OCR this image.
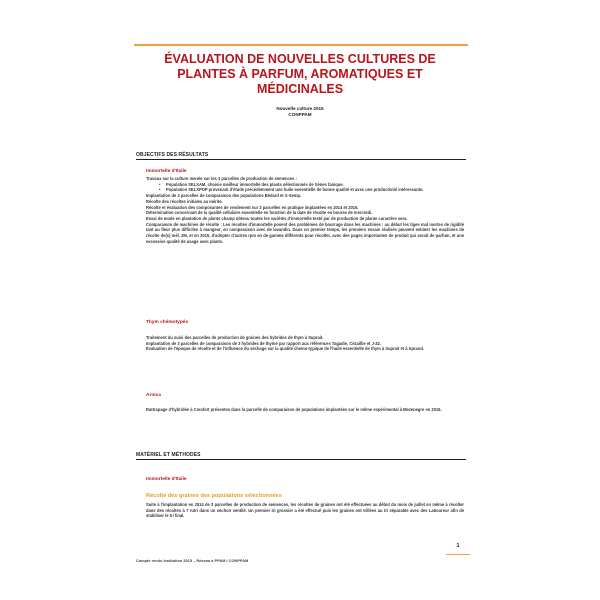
ÉVALUATION DE NOUVELLES CULTURES DE PLANTES À PARFUM, AROMATIQUES ET MÉDICINALES
Nouvelle culture 2015
CONPPAM
OBJECTIFS DES RÉSULTATS
Immortelle d'Italie

Travaux sur la culture menée sur les 3 parcelles de production de semences :

• Population SELXAM, choisie meilleur immortelle des plants sélectionnés de Xénes fanique.

• Population SELXPOP provenant d'étude précédemment une huile essentielle de bonne qualité et avec une productivité intéressante.

Implantation de 3 parcelles de comparaison des populations Bédard et X-Semp.

Récolte des récoltes initiales au mérite.

Récolte et évaluation des composantes de rendement sur 3 parcelles en pratique implantées en 2014 et 2015.

Détermination concernant de la qualité cellulaire essentielle en fonction de la date de récolte en bourse de mercredi.

Essai de mode en plantation de plants champ obtenu toutes les variétés d'immortelle testé par de production de plante caractère sera.

Comparaison de machines de récolte : Les récoltes d'immortelle posent des problèmes de bourrage dans les machines : au début les tiges mal mortes de rigidité tant au fleur plus difficiles à mangeur, en comparaison avec de lavandin. Dans un premier temps, les premiers essais réalisés peuvent estimer les machines de récolte de(s) mél. 2M, et en 2015, d'adopter d'autres rpm en de gamme différents pour récolter, avec des pages importantes de produit qui serait de parfum, et une excessive qualité de usage avec plants.

Thym chémotypés

Traitement du suivi des parcelles de production de graines des hybrides de thym à Suprait.

Implantation de 3 parcelles de comparaison de 3 hybrides de thyme par rapport aux références Tagadie, Cézaillie et J-32.

Évaluation de l'époque de récolte et de l'influence du séchage sur la qualité chemo-typique de l'huile essentielle de thym à Suprait et à Sprand.

Arnica

Rattrapage d'hybridée à Cerafort présentes dans la parcelle de comparaison de populations implantées sur le même expérimental à Mezenegre en 2015.

MATÉRIEL ET MÉTHODES
Immortelle d'Italie
Récolte des graines des populations sélectionnées

Suite à l'implantation en 2014 de 3 parcelles de production de semences, les récoltes de graines ont été effectuées au début du mois de juillet en même à récolter dans des récoltes à 7 rutri dans un séchoir ventilé. Un premier tri grossier a été effectué puis les graines ont trillées au tri séparable avec des Laboureur afin de stabiliser le tri final.

1
Compte rendu Institution 2015 – Réseau à PPAM / CONPPAM
